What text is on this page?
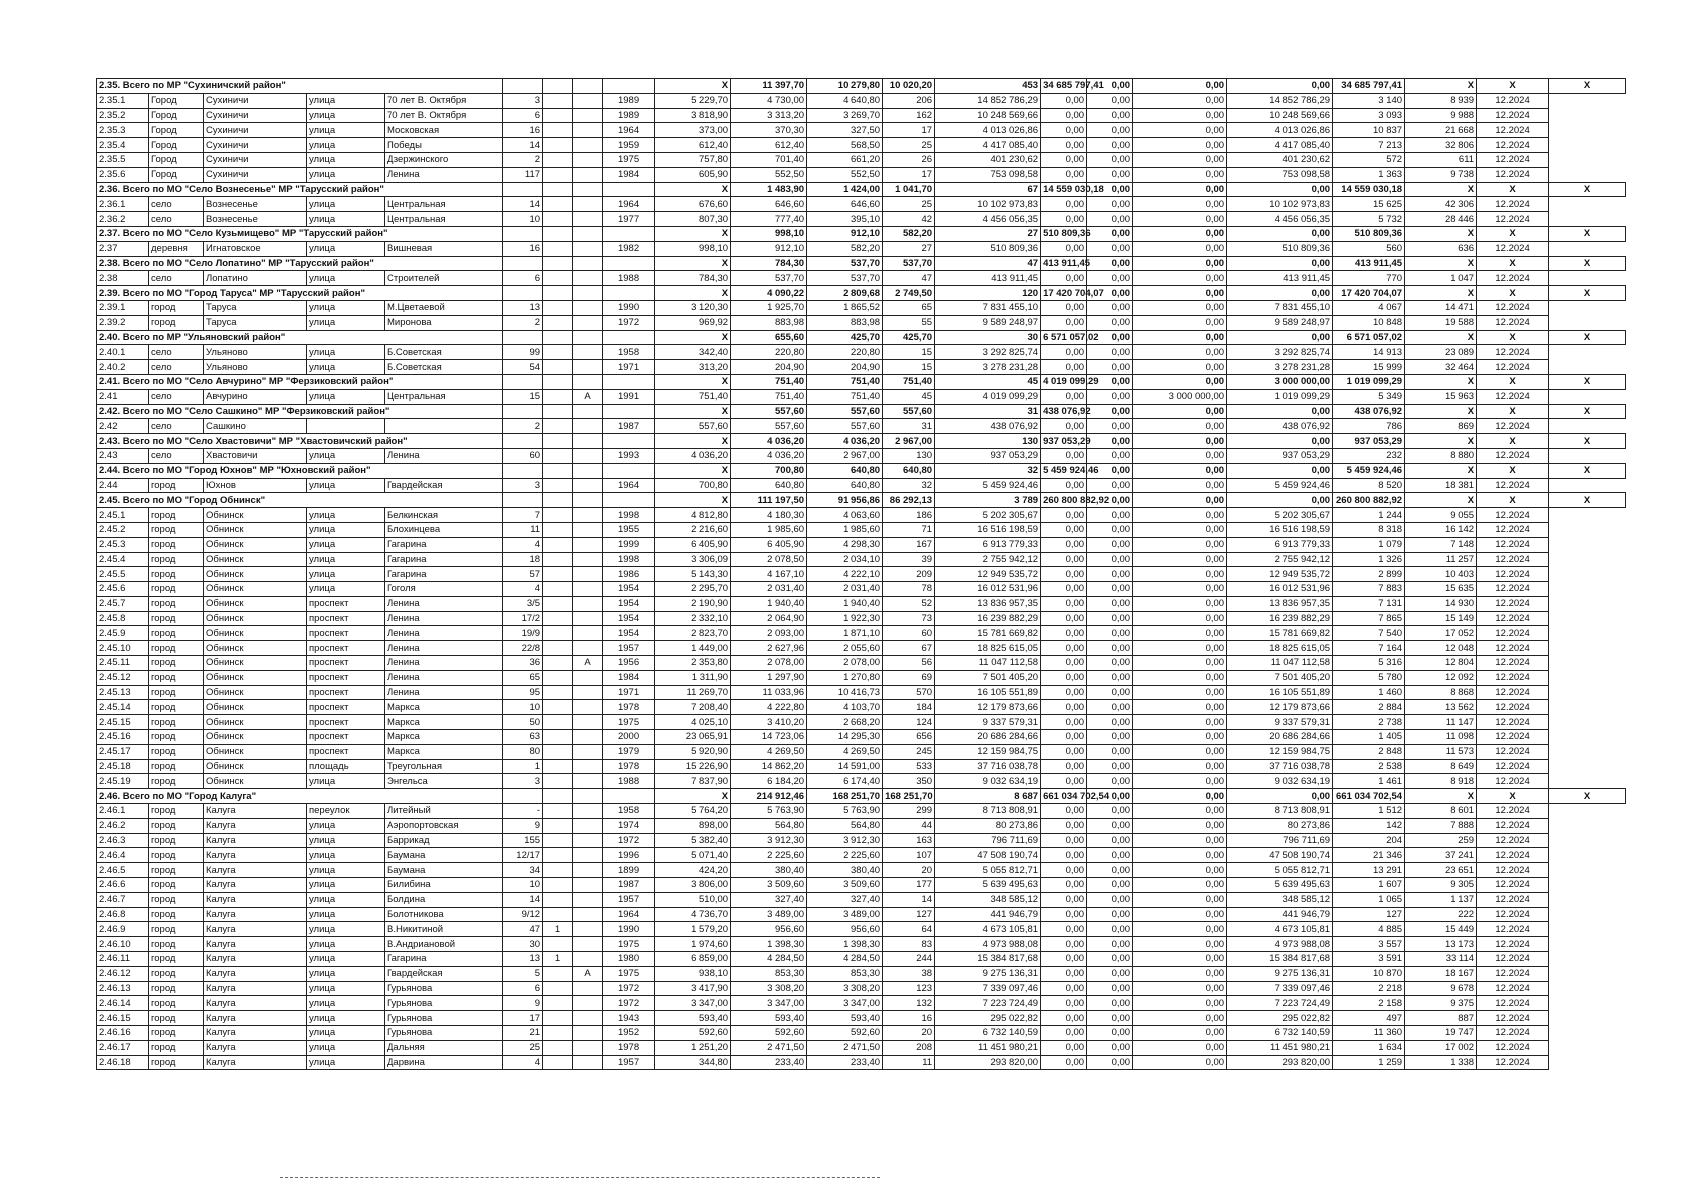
2.35. Всего по МР "Сухиничский район"									X	11 397,70	10 279,80	10 020,20	453	34 685 797,41	0,00	0,00	0,00	34 685 797,41	X	X	X
2.35.1	Город	Сухиничи	улица	70 лет В. Октября	3			1989	5 229,70	4 730,00	4 640,80	206	14 852 786,29	0,00	0,00	0,00	14 852 786,29	3 140	8 939	12.2024	
2.35.2	Город	Сухиничи	улица	70 лет В. Октября	6			1989	3 818,90	3 313,20	3 269,70	162	10 248 569,66	0,00	0,00	0,00	10 248 569,66	3 093	9 988	12.2024	
2.35.3	Город	Сухиничи	улица	Московская	16			1964	373,00	370,30	327,50	17	4 013 026,86	0,00	0,00	0,00	4 013 026,86	10 837	21 668	12.2024	
2.35.4	Город	Сухиничи	улица	Победы	14			1959	612,40	612,40	568,50	25	4 417 085,40	0,00	0,00	0,00	4 417 085,40	7 213	32 806	12.2024	
2.35.5	Город	Сухиничи	улица	Дзержинского	2			1975	757,80	701,40	661,20	26	401 230,62	0,00	0,00	0,00	401 230,62	572	611	12.2024	
2.35.6	Город	Сухиничи	улица	Ленина	117			1984	605,90	552,50	552,50	17	753 098,58	0,00	0,00	0,00	753 098,58	1 363	9 738	12.2024	
2.36. Всего по МО "Село Вознесенье" МР "Тарусский район"									X	1 483,90	1 424,00	1 041,70	67	14 559 030,18	0,00	0,00	0,00	14 559 030,18	X	X	X
2.36.1	село	Вознесенье	улица	Центральная	14			1964	676,60	646,60	646,60	25	10 102 973,83	0,00	0,00	0,00	10 102 973,83	15 625	42 306	12.2024	
2.36.2	село	Вознесенье	улица	Центральная	10			1977	807,30	777,40	395,10	42	4 456 056,35	0,00	0,00	0,00	4 456 056,35	5 732	28 446	12.2024	
2.37. Всего по МО "Село Кузьмищево" МР "Тарусский район"									X	998,10	912,10	582,20	27	510 809,36	0,00	0,00	0,00	510 809,36	X	X	X
2.37	деревня	Игнатовское	улица	Вишневая	16			1982	998,10	912,10	582,20	27	510 809,36	0,00	0,00	0,00	510 809,36	560	636	12.2024	
2.38. Всего по МО "Село Лопатино" МР "Тарусский район"									X	784,30	537,70	537,70	47	413 911,45	0,00	0,00	0,00	413 911,45	X	X	X
2.38	село	Лопатино	улица	Строителей	6			1988	784,30	537,70	537,70	47	413 911,45	0,00	0,00	0,00	413 911,45	770	1 047	12.2024	
2.39. Всего по МО "Город Таруса" МР "Тарусский район"									X	4 090,22	2 809,68	2 749,50	120	17 420 704,07	0,00	0,00	0,00	17 420 704,07	X	X	X
2.39.1	город	Таруса	улица	М.Цветаевой	13			1990	3 120,30	1 925,70	1 865,52	65	7 831 455,10	0,00	0,00	0,00	7 831 455,10	4 067	14 471	12.2024	
2.39.2	город	Таруса	улица	Миронова	2			1972	969,92	883,98	883,98	55	9 589 248,97	0,00	0,00	0,00	9 589 248,97	10 848	19 588	12.2024	
2.40. Всего по МР "Ульяновский район"									X	655,60	425,70	425,70	30	6 571 057,02	0,00	0,00	0,00	6 571 057,02	X	X	X
2.40.1	село	Ульяново	улица	Б.Советская	99			1958	342,40	220,80	220,80	15	3 292 825,74	0,00	0,00	0,00	3 292 825,74	14 913	23 089	12.2024	
2.40.2	село	Ульяново	улица	Б.Советская	54			1971	313,20	204,90	204,90	15	3 278 231,28	0,00	0,00	0,00	3 278 231,28	15 999	32 464	12.2024	
2.41. Всего по МО "Село Авчурино" МР "Ферзиковский район"									X	751,40	751,40	751,40	45	4 019 099,29	0,00	0,00	3 000 000,00	1 019 099,29	X	X	X
2.41	село	Авчурино	улица	Центральная	15		А	1991	751,40	751,40	751,40	45	4 019 099,29	0,00	0,00	3 000 000,00	1 019 099,29	5 349	15 963	12.2024	
2.42. Всего по МО "Село Сашкино" МР "Ферзиковский район"									X	557,60	557,60	557,60	31	438 076,92	0,00	0,00	0,00	438 076,92	X	X	X
2.42	село	Сашкино			2			1987	557,60	557,60	557,60	31	438 076,92	0,00	0,00	0,00	438 076,92	786	869	12.2024	
2.43. Всего по МО "Село Хвастовичи" МР "Хвастовичский район"									X	4 036,20	4 036,20	2 967,00	130	937 053,29	0,00	0,00	0,00	937 053,29	X	X	X
2.43	село	Хвастовичи	улица	Ленина	60			1993	4 036,20	4 036,20	2 967,00	130	937 053,29	0,00	0,00	0,00	937 053,29	232	8 880	12.2024	
2.44. Всего по МО "Город Юхнов" МР "Юхновский район"									X	700,80	640,80	640,80	32	5 459 924,46	0,00	0,00	0,00	5 459 924,46	X	X	X
2.44	город	Юхнов	улица	Гвардейская	3			1964	700,80	640,80	640,80	32	5 459 924,46	0,00	0,00	0,00	5 459 924,46	8 520	18 381	12.2024	
2.45. Всего по МО "Город Обнинск"									X	111 197,50	91 956,86	86 292,13	3 789	260 800 882,92	0,00	0,00	0,00	260 800 882,92	X	X	X
2.45.1	город	Обнинск	улица	Белкинская	7			1998	4 812,80	4 180,30	4 063,60	186	5 202 305,67	0,00	0,00	0,00	5 202 305,67	1 244	9 055	12.2024	
2.45.2	город	Обнинск	улица	Блохинцева	11			1955	2 216,60	1 985,60	1 985,60	71	16 516 198,59	0,00	0,00	0,00	16 516 198,59	8 318	16 142	12.2024	
2.45.3	город	Обнинск	улица	Гагарина	4			1999	6 405,90	6 405,90	4 298,30	167	6 913 779,33	0,00	0,00	0,00	6 913 779,33	1 079	7 148	12.2024	
2.45.4	город	Обнинск	улица	Гагарина	18			1998	3 306,09	2 078,50	2 034,10	39	2 755 942,12	0,00	0,00	0,00	2 755 942,12	1 326	11 257	12.2024	
2.45.5	город	Обнинск	улица	Гагарина	57			1986	5 143,30	4 167,10	4 222,10	209	12 949 535,72	0,00	0,00	0,00	12 949 535,72	2 899	10 403	12.2024	
2.45.6	город	Обнинск	улица	Гоголя	4			1954	2 295,70	2 031,40	2 031,40	78	16 012 531,96	0,00	0,00	0,00	16 012 531,96	7 883	15 635	12.2024	
2.45.7	город	Обнинск	проспект	Ленина	3/5			1954	2 190,90	1 940,40	1 940,40	52	13 836 957,35	0,00	0,00	0,00	13 836 957,35	7 131	14 930	12.2024	
2.45.8	город	Обнинск	проспект	Ленина	17/2			1954	2 332,10	2 064,90	1 922,30	73	16 239 882,29	0,00	0,00	0,00	16 239 882,29	7 865	15 149	12.2024	
2.45.9	город	Обнинск	проспект	Ленина	19/9			1954	2 823,70	2 093,00	1 871,10	60	15 781 669,82	0,00	0,00	0,00	15 781 669,82	7 540	17 052	12.2024	
2.45.10	город	Обнинск	проспект	Ленина	22/8			1957	1 449,00	2 627,96	2 055,60	67	18 825 615,05	0,00	0,00	0,00	18 825 615,05	7 164	12 048	12.2024	
2.45.11	город	Обнинск	проспект	Ленина	36		А	1956	2 353,80	2 078,00	2 078,00	56	11 047 112,58	0,00	0,00	0,00	11 047 112,58	5 316	12 804	12.2024	
2.45.12	город	Обнинск	проспект	Ленина	65			1984	1 311,90	1 297,90	1 270,80	69	7 501 405,20	0,00	0,00	0,00	7 501 405,20	5 780	12 092	12.2024	
2.45.13	город	Обнинск	проспект	Ленина	95			1971	11 269,70	11 033,96	10 416,73	570	16 105 551,89	0,00	0,00	0,00	16 105 551,89	1 460	8 868	12.2024	
2.45.14	город	Обнинск	проспект	Маркса	10			1978	7 208,40	4 222,80	4 103,70	184	12 179 873,66	0,00	0,00	0,00	12 179 873,66	2 884	13 562	12.2024	
2.45.15	город	Обнинск	проспект	Маркса	50			1975	4 025,10	3 410,20	2 668,20	124	9 337 579,31	0,00	0,00	0,00	9 337 579,31	2 738	11 147	12.2024	
2.45.16	город	Обнинск	проспект	Маркса	63			2000	23 065,91	14 723,06	14 295,30	656	20 686 284,66	0,00	0,00	0,00	20 686 284,66	1 405	11 098	12.2024	
2.45.17	город	Обнинск	проспект	Маркса	80			1979	5 920,90	4 269,50	4 269,50	245	12 159 984,75	0,00	0,00	0,00	12 159 984,75	2 848	11 573	12.2024	
2.45.18	город	Обнинск	площадь	Треугольная	1			1978	15 226,90	14 862,20	14 591,00	533	37 716 038,78	0,00	0,00	0,00	37 716 038,78	2 538	8 649	12.2024	
2.45.19	город	Обнинск	улица	Энгельса	3			1988	7 837,90	6 184,20	6 174,40	350	9 032 634,19	0,00	0,00	0,00	9 032 634,19	1 461	8 918	12.2024	
2.46. Всего по МО "Город Калуга"									X	214 912,46	168 251,70	168 251,70	8 687	661 034 702,54	0,00	0,00	0,00	661 034 702,54	X	X	X
2.46.1	город	Калуга	переулок	Литейный	-			1958	5 764,20	5 763,90	5 763,90	299	8 713 808,91	0,00	0,00	0,00	8 713 808,91	1 512	8 601	12.2024	
2.46.2	город	Калуга	улица	Аэропортовская	9			1974	898,00	564,80	564,80	44	80 273,86	0,00	0,00	0,00	80 273,86	142	7 888	12.2024	
2.46.3	город	Калуга	улица	Баррикад	155			1972	5 382,40	3 912,30	3 912,30	163	796 711,69	0,00	0,00	0,00	796 711,69	204	259	12.2024	
2.46.4	город	Калуга	улица	Баумана	12/17			1996	5 071,40	2 225,60	2 225,60	107	47 508 190,74	0,00	0,00	0,00	47 508 190,74	21 346	37 241	12.2024	
2.46.5	город	Калуга	улица	Баумана	34			1899	424,20	380,40	380,40	20	5 055 812,71	0,00	0,00	0,00	5 055 812,71	13 291	23 651	12.2024	
2.46.6	город	Калуга	улица	Билибина	10			1987	3 806,00	3 509,60	3 509,60	177	5 639 495,63	0,00	0,00	0,00	5 639 495,63	1 607	9 305	12.2024	
2.46.7	город	Калуга	улица	Болдина	14			1957	510,00	327,40	327,40	14	348 585,12	0,00	0,00	0,00	348 585,12	1 065	1 137	12.2024	
2.46.8	город	Калуга	улица	Болотникова	9/12			1964	4 736,70	3 489,00	3 489,00	127	441 946,79	0,00	0,00	0,00	441 946,79	127	222	12.2024	
2.46.9	город	Калуга	улица	В.Никитиной	47	1		1990	1 579,20	956,60	956,60	64	4 673 105,81	0,00	0,00	0,00	4 673 105,81	4 885	15 449	12.2024	
2.46.10	город	Калуга	улица	В.Андриановой	30			1975	1 974,60	1 398,30	1 398,30	83	4 973 988,08	0,00	0,00	0,00	4 973 988,08	3 557	13 173	12.2024	
2.46.11	город	Калуга	улица	Гагарина	13	1		1980	6 859,00	4 284,50	4 284,50	244	15 384 817,68	0,00	0,00	0,00	15 384 817,68	3 591	33 114	12.2024	
2.46.12	город	Калуга	улица	Гвардейская	5		А	1975	938,10	853,30	853,30	38	9 275 136,31	0,00	0,00	0,00	9 275 136,31	10 870	18 167	12.2024	
2.46.13	город	Калуга	улица	Гурьянова	6			1972	3 417,90	3 308,20	3 308,20	123	7 339 097,46	0,00	0,00	0,00	7 339 097,46	2 218	9 678	12.2024	
2.46.14	город	Калуга	улица	Гурьянова	9			1972	3 347,00	3 347,00	3 347,00	132	7 223 724,49	0,00	0,00	0,00	7 223 724,49	2 158	9 375	12.2024	
2.46.15	город	Калуга	улица	Гурьянова	17			1943	593,40	593,40	593,40	16	295 022,82	0,00	0,00	0,00	295 022,82	497	887	12.2024	
2.46.16	город	Калуга	улица	Гурьянова	21			1952	592,60	592,60	592,60	20	6 732 140,59	0,00	0,00	0,00	6 732 140,59	11 360	19 747	12.2024	
2.46.17	город	Калуга	улица	Дальняя	25			1978	1 251,20	2 471,50	2 471,50	208	11 451 980,21	0,00	0,00	0,00	11 451 980,21	1 634	17 002	12.2024	
2.46.18	город	Калуга	улица	Дарвина	4			1957	344,80	233,40	233,40	11	293 820,00	0,00	0,00	0,00	293 820,00	1 259	1 338	12.2024	
